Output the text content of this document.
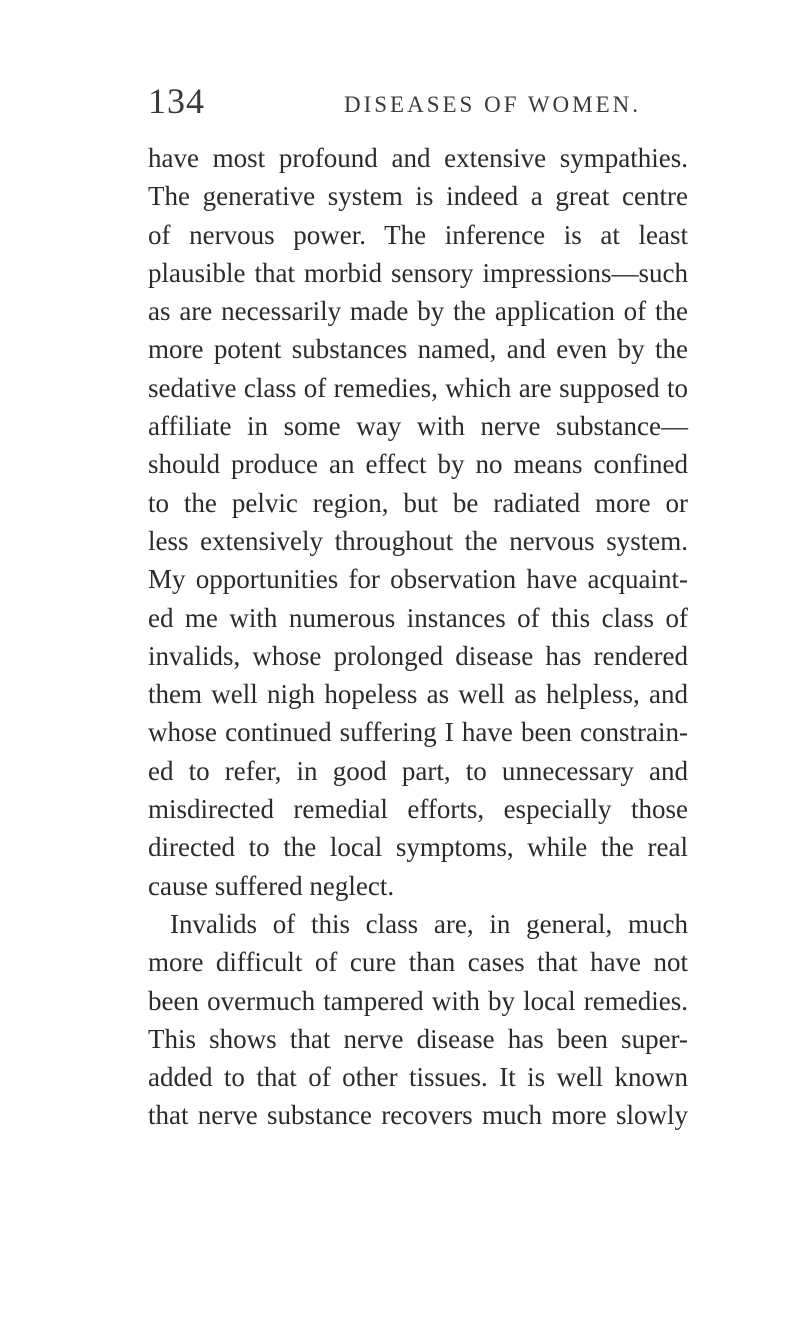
134	DISEASES OF WOMEN.
have most profound and extensive sympathies.
The generative system is indeed a great centre
of nervous power. The inference is at least
plausible that morbid sensory impressions—such
as are necessarily made by the application of the
more potent substances named, and even by the
sedative class of remedies, which are supposed to
affiliate in some way with nerve substance—
should produce an effect by no means confined
to the pelvic region, but be radiated more or
less extensively throughout the nervous system.
My opportunities for observation have acquaint-
ed me with numerous instances of this class of
invalids, whose prolonged disease has rendered
them well nigh hopeless as well as helpless, and
whose continued suffering I have been constrain-
ed to refer, in good part, to unnecessary and
misdirected remedial efforts, especially those
directed to the local symptoms, while the real
cause suffered neglect.
Invalids of this class are, in general, much
more difficult of cure than cases that have not
been overmuch tampered with by local remedies.
This shows that nerve disease has been super-
added to that of other tissues. It is well known
that nerve substance recovers much more slowly
